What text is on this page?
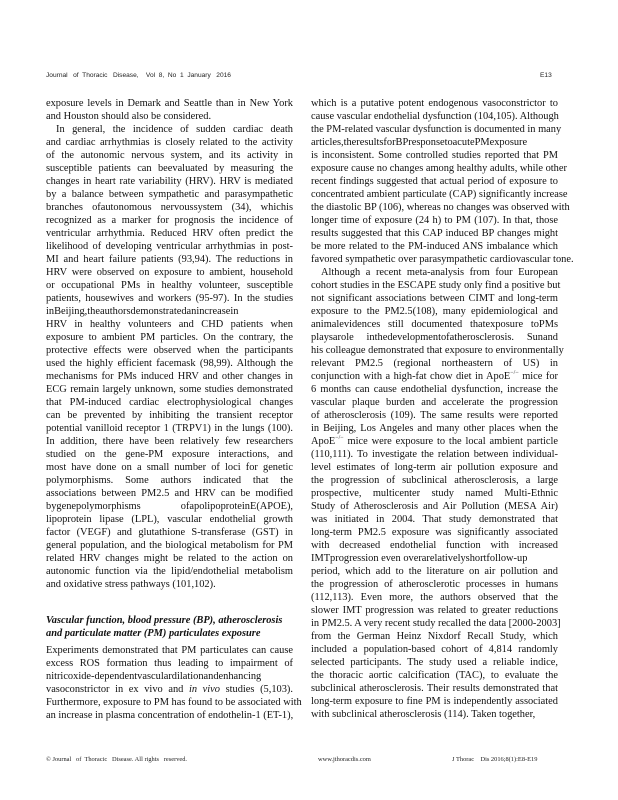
Journal   of  Thoracic   Disease,    Vol  8,  No  1  January   2016	E13
exposure levels in Demark and Seattle than in New York
and Houston should also be considered.
In general, the incidence of sudden cardiac death
and cardiac arrhythmias is closely related to the activity
of the autonomic nervous system, and its activity in
susceptible patients can beevaluated by measuring the
changes in heart rate variability (HRV). HRV is mediated
by a balance between sympathetic and parasympathetic
branches ofautonomous nervoussystem (34), whichis
recognized as a marker for prognosis the incidence of
ventricular arrhythmia. Reduced HRV often predict the
likelihood of developing ventricular arrhythmias in post-
MI and heart failure patients (93,94). The reductions in
HRV were observed on exposure to ambient, household
or occupational PMs in healthy volunteer, susceptible
patients, housewives and workers (95-97). In the studies
inBeijing,theauthorsdemonstratedanincreasein
HRV in healthy volunteers and CHD patients when
exposure to ambient PM particles. On the contrary, the
protective effects were observed when the participants
used the highly efficient facemask (98,99). Although the
mechanisms for PMs induced HRV and other changes in
ECG remain largely unknown, some studies demonstrated
that PM-induced cardiac electrophysiological changes
can be prevented by inhibiting the transient receptor
potential vanilloid receptor 1 (TRPV1) in the lungs (100).
In addition, there have been relatively few researchers
studied on the gene-PM exposure interactions, and
most have done on a small number of loci for genetic
polymorphisms. Some authors indicated that the
associations between PM2.5 and HRV can be modified
bygenepolymorphisms ofapolipoproteinE(APOE),
lipoprotein lipase (LPL), vascular endothelial growth
factor (VEGF) and glutathione S-transferase (GST) in
general population, and the biological metabolism for PM
related HRV changes might be related to the action on
autonomic function via the lipid/endothelial metabolism
and oxidative stress pathways (101,102).
Vascular function, blood pressure (BP), atherosclerosis and particulate matter (PM) particulates exposure
Experiments demonstrated that PM particulates can cause
excess ROS formation thus leading to impairment of
nitricoxide-dependentvasculardilationandenhancing
vasoconstrictor in ex vivo and in vivo studies (5,103).
Furthermore, exposure to PM has found to be associated with
an increase in plasma concentration of endothelin-1 (ET-1),
which is a putative potent endogenous vasoconstrictor to
cause vascular endothelial dysfunction (104,105). Although
the PM-related vascular dysfunction is documented in many
articles,theresultsforBPresponsetoacutePMexposure
is inconsistent. Some controlled studies reported that PM
exposure cause no changes among healthy adults, while other
recent findings suggested that actual period of exposure to
concentrated ambient particulate (CAP) significantly increase
the diastolic BP (106), whereas no changes was observed with
longer time of exposure (24 h) to PM (107). In that, those
results suggested that this CAP induced BP changes might
be more related to the PM-induced ANS imbalance which
favored sympathetic over parasympathetic cardiovascular tone.
Although a recent meta-analysis from four European
cohort studies in the ESCAPE study only find a positive but
not significant associations between CIMT and long-term
exposure to the PM2.5(108), many epidemiological and
animalevidences still documented thatexposure toPMs
playsarole inthedevelopmentofatherosclerosis. Sunand
his colleague demonstrated that exposure to environmentally
relevant PM2.5 (regional northeastern of US) in
conjunction with a high-fat chow diet in ApoE−/− mice for
6 months can cause endothelial dysfunction, increase the
vascular plaque burden and accelerate the progression
of atherosclerosis (109). The same results were reported
in Beijing, Los Angeles and many other places when the
ApoE−/− mice were exposure to the local ambient particle
(110,111). To investigate the relation between individual-
level estimates of long-term air pollution exposure and
the progression of subclinical atherosclerosis, a large
prospective, multicenter study named Multi-Ethnic
Study of Atherosclerosis and Air Pollution (MESA Air)
was initiated in 2004. That study demonstrated that
long-term PM2.5 exposure was significantly associated
with decreased endothelial function with increased
IMTprogression even overarelativelyshortfollow-up
period, which add to the literature on air pollution and
the progression of atherosclerotic processes in humans
(112,113). Even more, the authors observed that the
slower IMT progression was related to greater reductions
in PM2.5. A very recent study recalled the data [2000-2003]
from the German Heinz Nixdorf Recall Study, which
included a population-based cohort of 4,814 randomly
selected participants. The study used a reliable indice,
the thoracic aortic calcification (TAC), to evaluate the
subclinical atherosclerosis. Their results demonstrated that
long-term exposure to fine PM is independently associated
with subclinical atherosclerosis (114). Taken together,
© Journal   of  Thoracic   Disease. All rights   reserved.	www.jthoracdis.com	J Thorac    Dis 2016;8(1):E8-E19
